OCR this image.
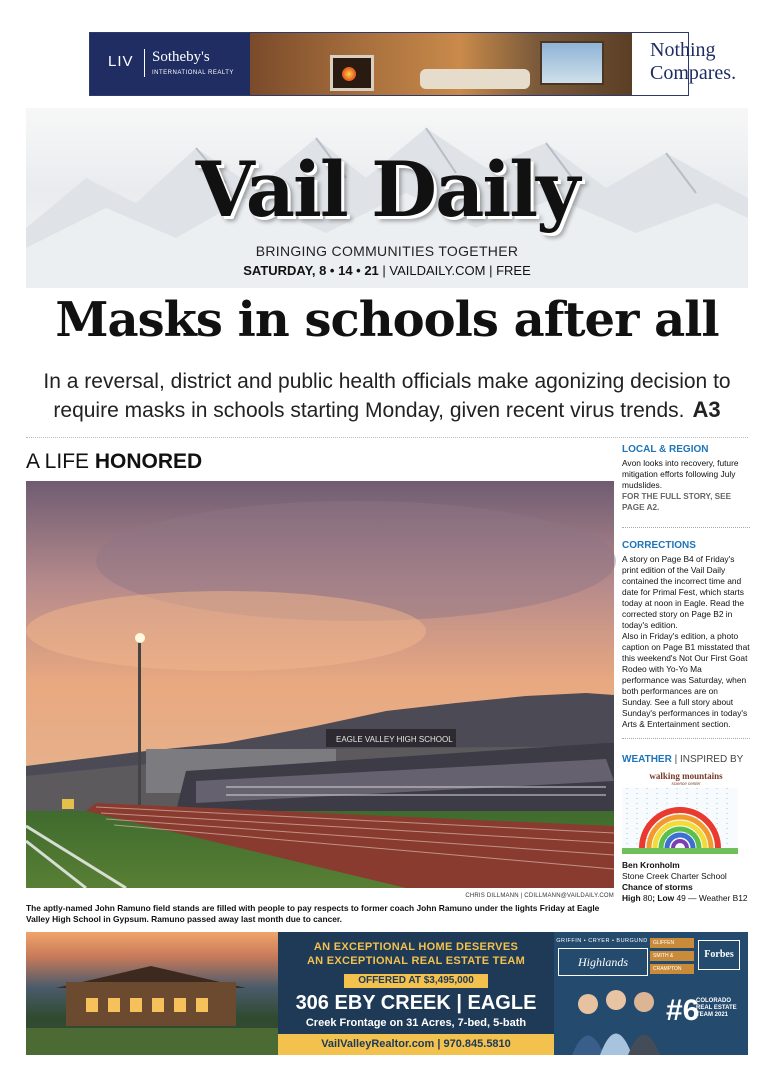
LIV Sotheby's
INTERNATIONAL REALTY
Nothing
Compares.
Vail Daily
BRINGING COMMUNITIES TOGETHER
SATURDAY, 8 • 14 • 21 | VAILDAILY.COM | FREE
Masks in schools after all
In a reversal, district and public health officials make agonizing decision to require masks in schools starting Monday, given recent virus trends. A3
A LIFE HONORED
EAGLE VALLEY HIGH SCHOOL
CHRIS DILLMANN | CDILLMANN@VAILDAILY.COM
The aptly-named John Ramuno field stands are filled with people to pay respects to former coach John Ramuno under the lights Friday at Eagle Valley High School in Gypsum. Ramuno passed away last month due to cancer.
LOCAL & REGION
Avon looks into recovery, future mitigation efforts following July mudslides.
FOR THE FULL STORY, SEE PAGE A2.
CORRECTIONS
A story on Page B4 of Friday's print edition of the Vail Daily contained the incorrect time and date for Primal Fest, which starts today at noon in Eagle. Read the corrected story on Page B2 in today's edition.
Also in Friday's edition, a photo caption on Page B1 misstated that this weekend's Not Our First Goat Rodeo with Yo-Yo Ma performance was Saturday, when both performances are on Sunday. See a full story about Sunday's performances in today's Arts & Entertainment section.
WEATHER | INSPIRED BY
walking mountains
science center
Ben Kronholm
Stone Creek Charter School
Chance of storms
High 80; Low 49 — Weather B12
AN EXCEPTIONAL HOME DESERVES
AN EXCEPTIONAL REAL ESTATE TEAM
OFFERED AT $3,495,000
306 EBY CREEK | EAGLE
Creek Frontage on 31 Acres, 7-bed, 5-bath
VailValleyRealtor.com | 970.845.5810
GRIFFIN • CRYER • BURGUND
Highlands
GLIFFEN
SMITH &
CRAMPTON
Forbes
#6
COLORADO REAL ESTATE TEAM 2021
